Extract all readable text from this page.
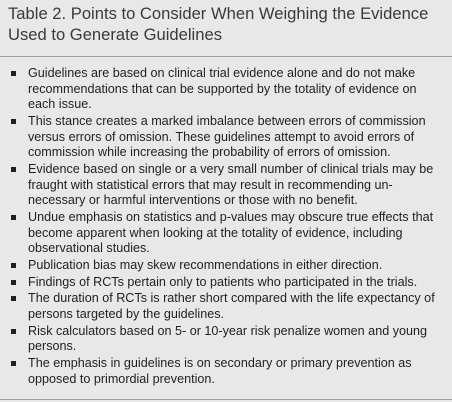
Table 2. Points to Consider When Weighing the Evidence Used to Generate Guidelines
Guidelines are based on clinical trial evidence alone and do not make recommendations that can be supported by the totality of evidence on each issue.
This stance creates a marked imbalance between errors of commission versus errors of omission. These guidelines attempt to avoid errors of commission while increasing the probability of errors of omission.
Evidence based on single or a very small number of clinical trials may be fraught with statistical errors that may result in recommending un-necessary or harmful interventions or those with no benefit.
Undue emphasis on statistics and p-values may obscure true effects that become apparent when looking at the totality of evidence, including observational studies.
Publication bias may skew recommendations in either direction.
Findings of RCTs pertain only to patients who participated in the trials.
The duration of RCTs is rather short compared with the life expectancy of persons targeted by the guidelines.
Risk calculators based on 5- or 10-year risk penalize women and young persons.
The emphasis in guidelines is on secondary or primary prevention as opposed to primordial prevention.
